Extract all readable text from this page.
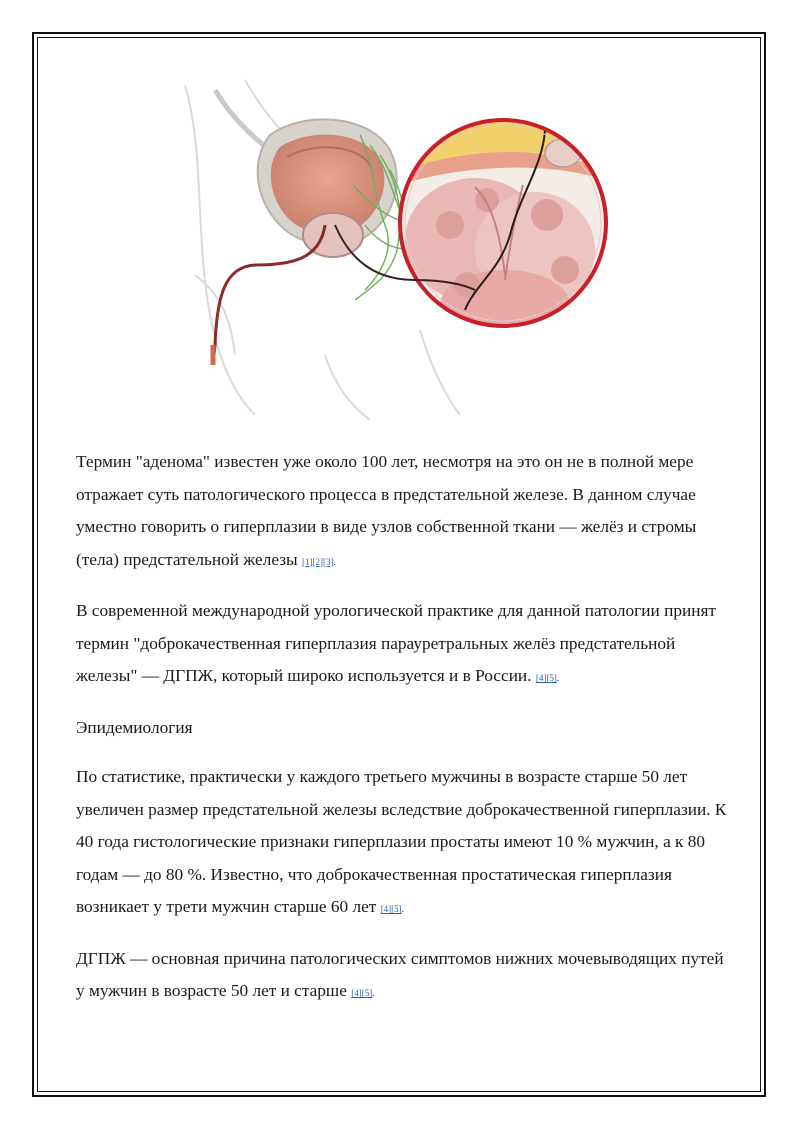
Термин "аденома" известен уже около 100 лет, несмотря на это он не в полной мере отражает суть патологического процесса в предстательной железе. В данном случае уместно говорить о гиперплазии в виде узлов собственной ткани — желёз и стромы (тела) предстательной железы [1][2][3].

В современной международной урологической практике для данной патологии принят термин "доброкачественная гиперплазия парауретральных желёз предстательной железы" — ДГПЖ, который широко используется и в России. [4][5].

Эпидемиология

По статистике, практически у каждого третьего мужчины в возрасте старше 50 лет увеличен размер предстательной железы вследствие доброкачественной гиперплазии. К 40 года гистологические признаки гиперплазии простаты имеют 10 % мужчин, а к 80 годам — до 80 %. Известно, что доброкачественная простатическая гиперплазия возникает у трети мужчин старше 60 лет [4][5].

ДГПЖ — основная причина патологических симптомов нижних мочевыводящих путей у мужчин в возрасте 50 лет и старше [4][5].
